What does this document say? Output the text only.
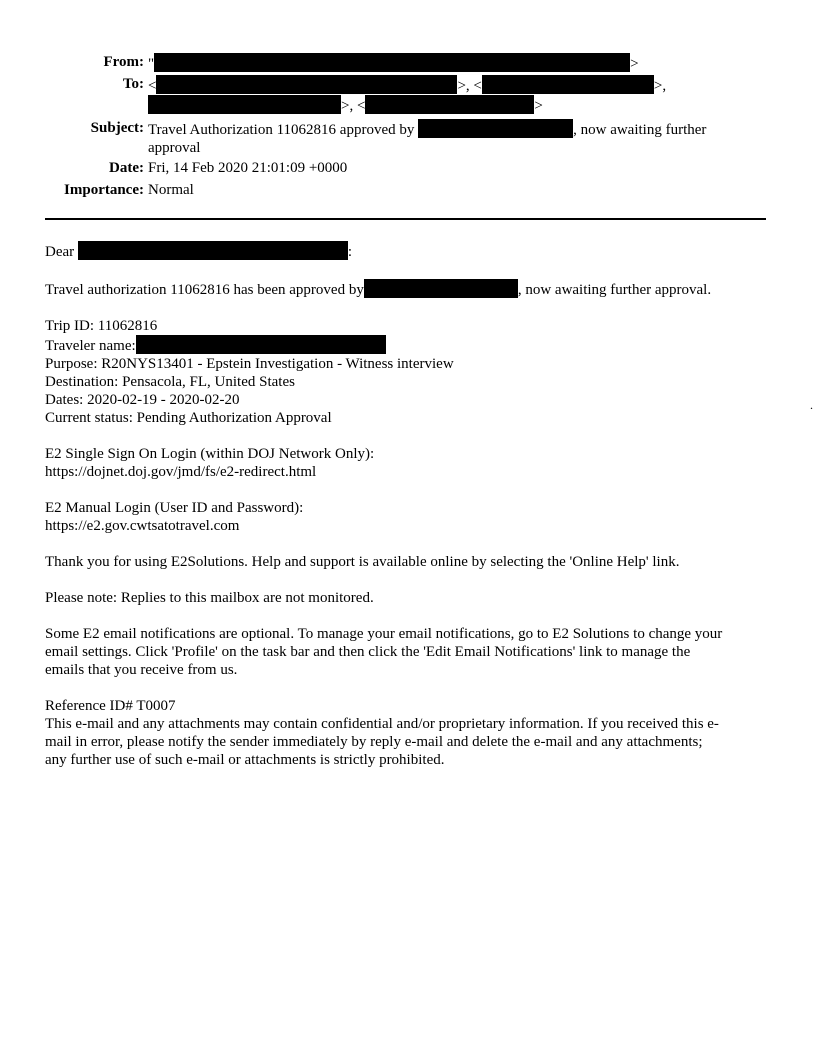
From: "	>
To: <	>, <	>,
>, <	>
Subject: Travel Authorization 11062816 approved by	, now awaiting further
approval
Date: Fri, 14 Feb 2020 21:01:09 +0000
Importance: Normal
Dear	:
Travel authorization 11062816 has been approved by	, now awaiting further approval.
Trip ID: 11062816
Traveler name:
Purpose: R20NYS13401 - Epstein Investigation - Witness interview
Destination: Pensacola, FL, United States
Dates: 2020-02-19 - 2020-02-20
Current status: Pending Authorization Approval
E2 Single Sign On Login (within DOJ Network Only):
https://dojnet.doj.gov/jmd/fs/e2-redirect.html
E2 Manual Login (User ID and Password):
https://e2.gov.cwtsatotravel.com
Thank you for using E2Solutions. Help and support is available online by selecting the 'Online Help' link.
Please note: Replies to this mailbox are not monitored.
Some E2 email notifications are optional. To manage your email notifications, go to E2 Solutions to change your
email settings. Click 'Profile' on the task bar and then click the 'Edit Email Notifications' link to manage the
emails that you receive from us.
Reference ID# T0007
This e-mail and any attachments may contain confidential and/or proprietary information. If you received this e-
mail in error, please notify the sender immediately by reply e-mail and delete the e-mail and any attachments;
any further use of such e-mail or attachments is strictly prohibited.
.
